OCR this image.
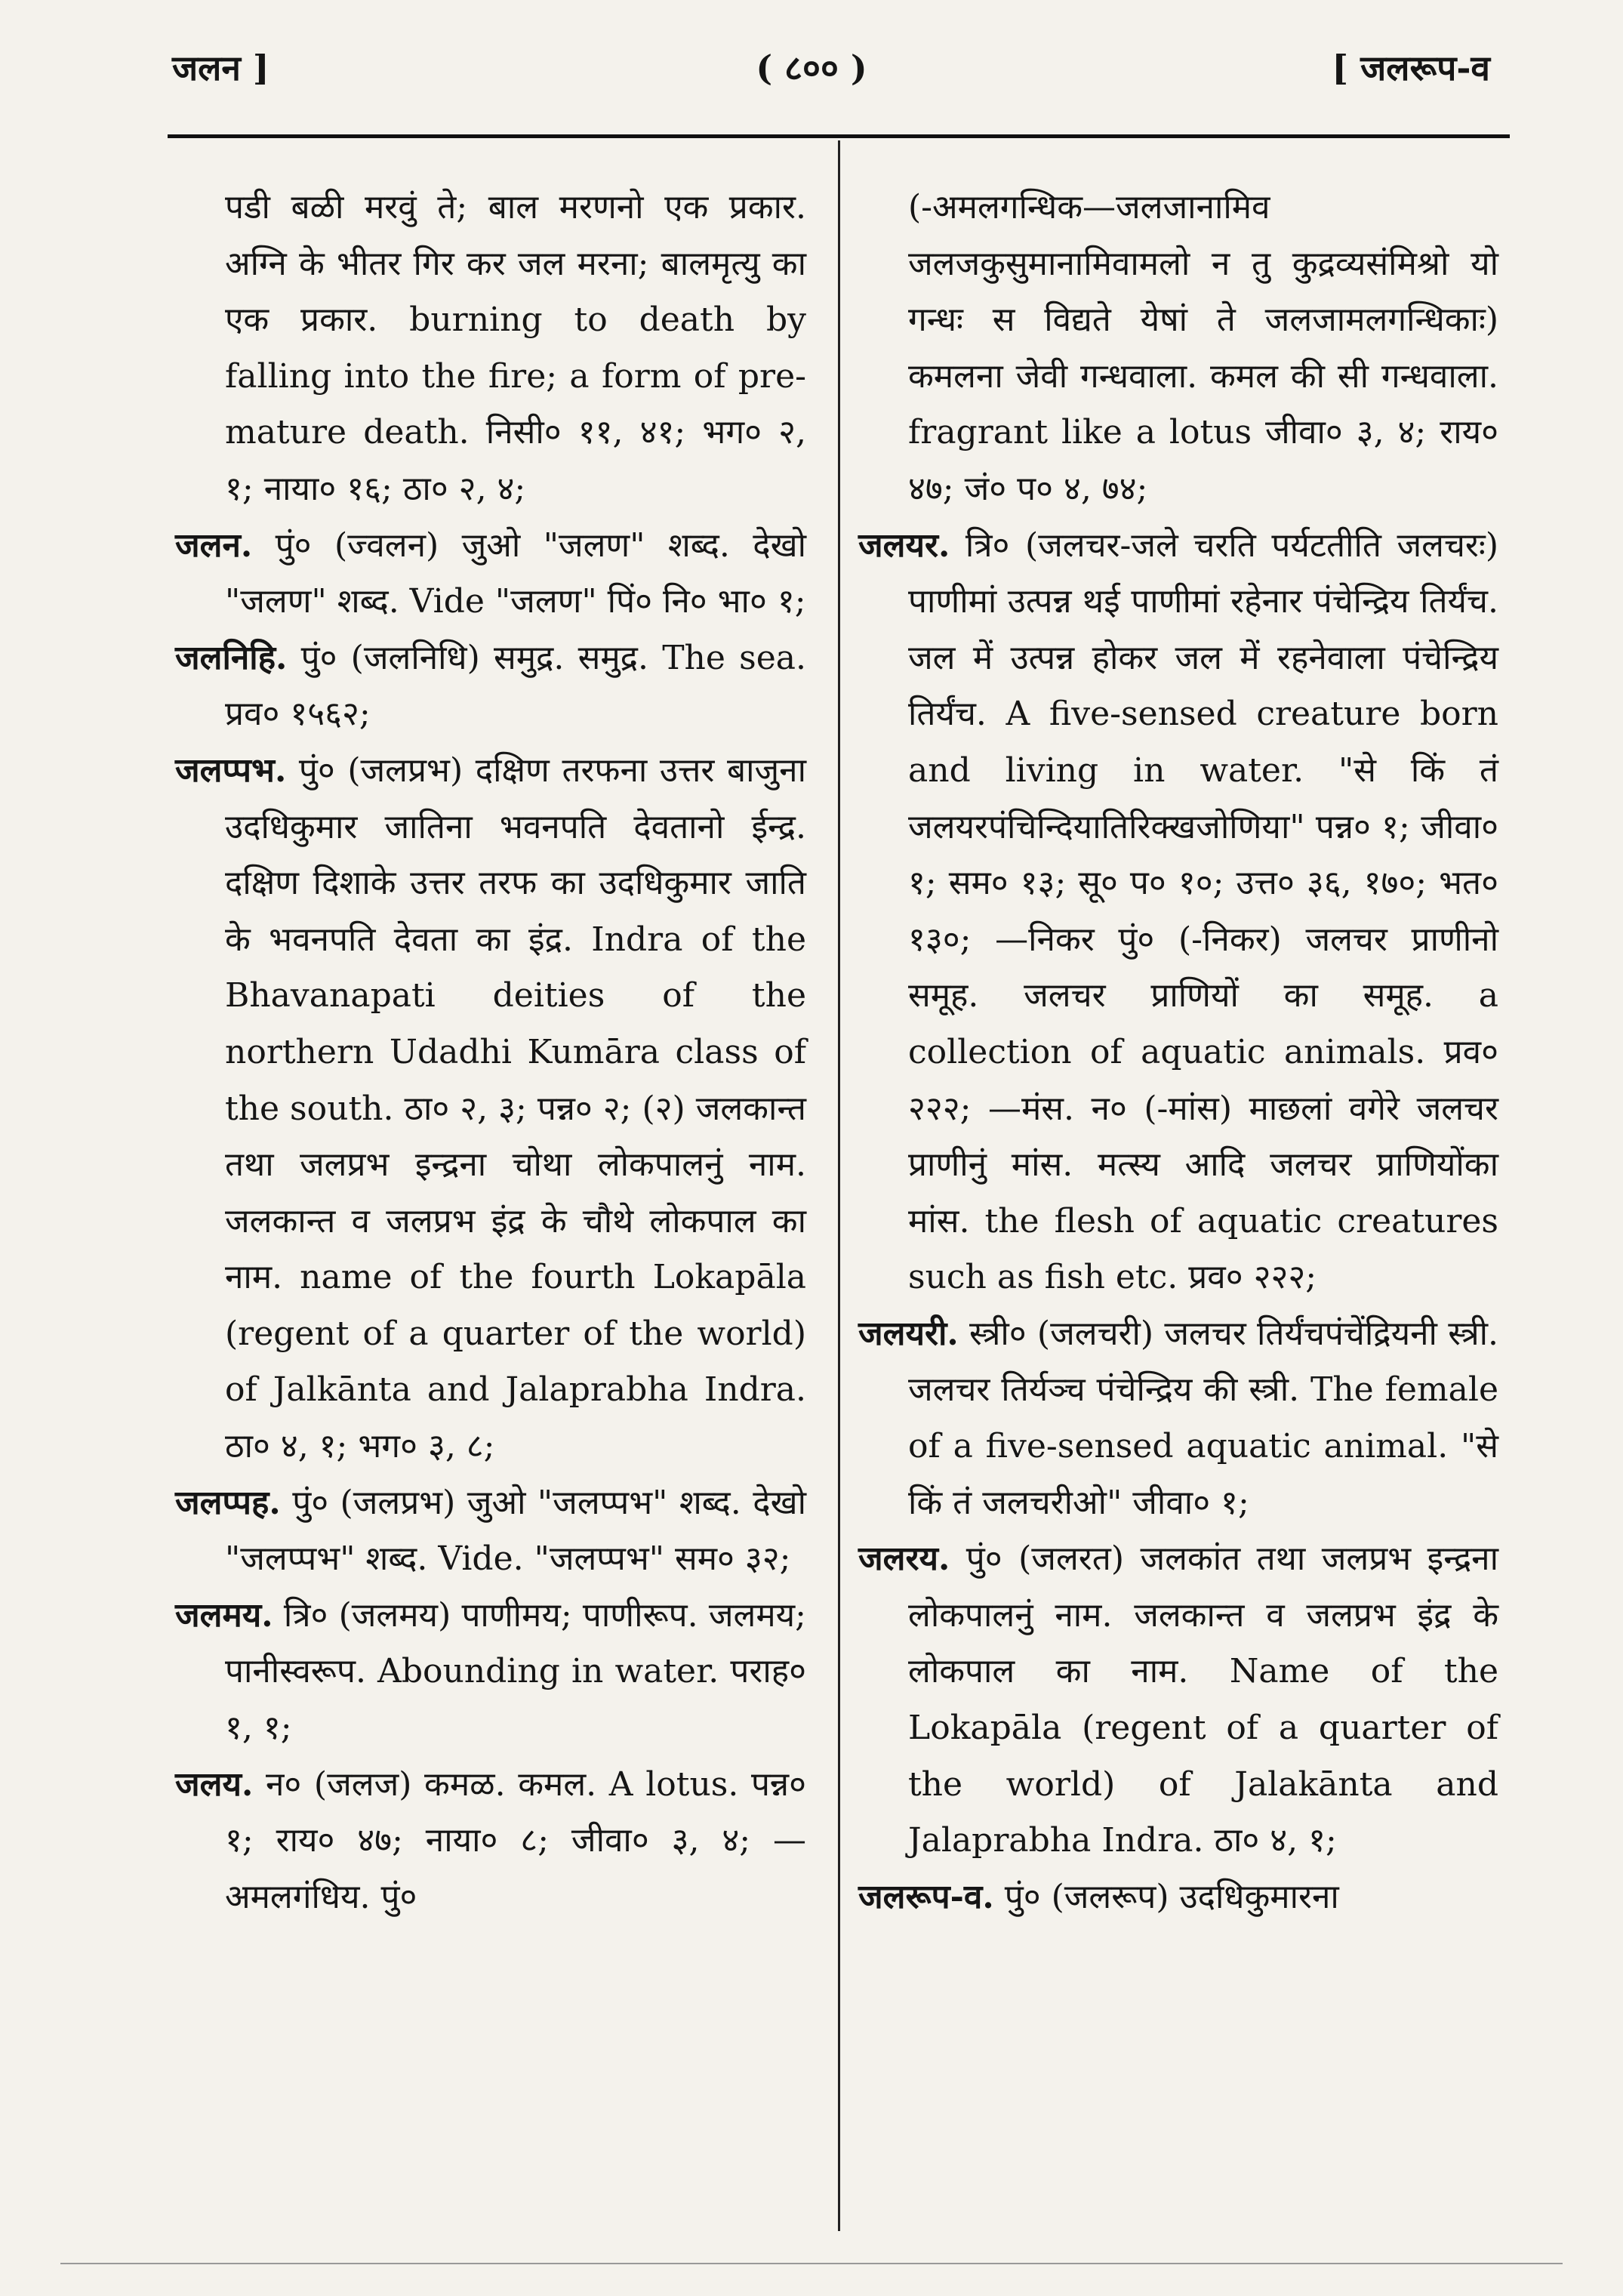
जलन ]	( ८०० )	[ जलरूप-व

पडी बळी मरवुं ते; बाल मरणनो एक प्रकार. अग्नि के भीतर गिर कर जल मरना; बालमृत्यु का एक प्रकार. burning to death by falling into the fire; a form of pre-mature death. निसी० ११, ४१; भग० २, १; नाया० १६; ठा० २, ४;

जलन. पुं० (ज्वलन) जुओ "जलण" शब्द. देखो "जलण" शब्द. Vide "जलण" पिं० नि० भा० १;

जलनिहि. पुं० (जलनिधि) समुद्र. समुद्र. The sea. प्रव० १५६२;

जलप्पभ. पुं० (जलप्रभ) दक्षिण तरफना उत्तर बाजुना उदधिकुमार जातिना भवनपति देवतानो ईन्द्र. दक्षिण दिशाके उत्तर तरफ का उदधिकुमार जाति के भवनपति देवता का इंद्र. Indra of the Bhavanapati deities of the northern Udadhi Kumāra class of the south. ठा० २, ३; पन्न० २; (२) जलकान्त तथा जलप्रभ इन्द्रना चोथा लोकपालनुं नाम. जलकान्त व जलप्रभ इंद्र के चौथे लोकपाल का नाम. name of the fourth Lokapāla (regent of a quarter of the world) of Jalkānta and Jalaprabha Indra. ठा० ४, १; भग० ३, ८;

जलप्पह. पुं० (जलप्रभ) जुओ "जलप्पभ" शब्द. देखो "जलप्पभ" शब्द. Vide. "जलप्पभ" सम० ३२;

जलमय. त्रि० (जलमय) पाणीमय; पाणीरूप. जलमय; पानीस्वरूप. Abounding in water. पराह० १, १;

जलय. न० (जलज) कमळ. कमल. A lotus. पन्न० १; राय० ४७; नाया० ८; जीवा० ३, ४; —अमलगंधिय. पुं०

(-अमलगन्धिक—जलजानामिव जलजकुसुमानामिवामलो न तु कुद्रव्यसंमिश्रो यो गन्धः स विद्यते येषां ते जलजामलगन्धिकाः) कमलना जेवी गन्धवाला. कमल की सी गन्धवाला. fragrant like a lotus जीवा० ३, ४; राय० ४७; जं० प० ४, ७४;

जलयर. त्रि० (जलचर-जले चरति पर्यटतीति जलचरः) पाणीमां उत्पन्न थई पाणीमां रहेनार पंचेन्द्रिय तिर्यंच. जल में उत्पन्न होकर जल में रहनेवाला पंचेन्द्रिय तिर्यंच. A five-sensed creature born and living in water. "से किं तं जलयरपंचिन्दियातिरिक्खजोणिया" पन्न० १; जीवा० १; सम० १३; सू० प० १०; उत्त० ३६, १७०; भत० १३०; —निकर पुं० (-निकर) जलचर प्राणीनो समूह. जलचर प्राणियों का समूह. a collection of aquatic animals. प्रव० २२२; —मंस. न० (-मांस) माछलां वगेरे जलचर प्राणीनुं मांस. मत्स्य आदि जलचर प्राणियोंका मांस. the flesh of aquatic creatures such as fish etc. प्रव० २२२;

जलयरी. स्त्री० (जलचरी) जलचर तिर्यंचपंचेंद्रियनी स्त्री. जलचर तिर्यञ्च पंचेन्द्रिय की स्त्री. The female of a five-sensed aquatic animal. "से किं तं जलचरीओ" जीवा० १;

जलरय. पुं० (जलरत) जलकांत तथा जलप्रभ इन्द्रना लोकपालनुं नाम. जलकान्त व जलप्रभ इंद्र के लोकपाल का नाम. Name of the Lokapāla (regent of a quarter of the world) of Jalakānta and Jalaprabha Indra. ठा० ४, १;

जलरूप-व. पुं० (जलरूप) उदधिकुमारना
